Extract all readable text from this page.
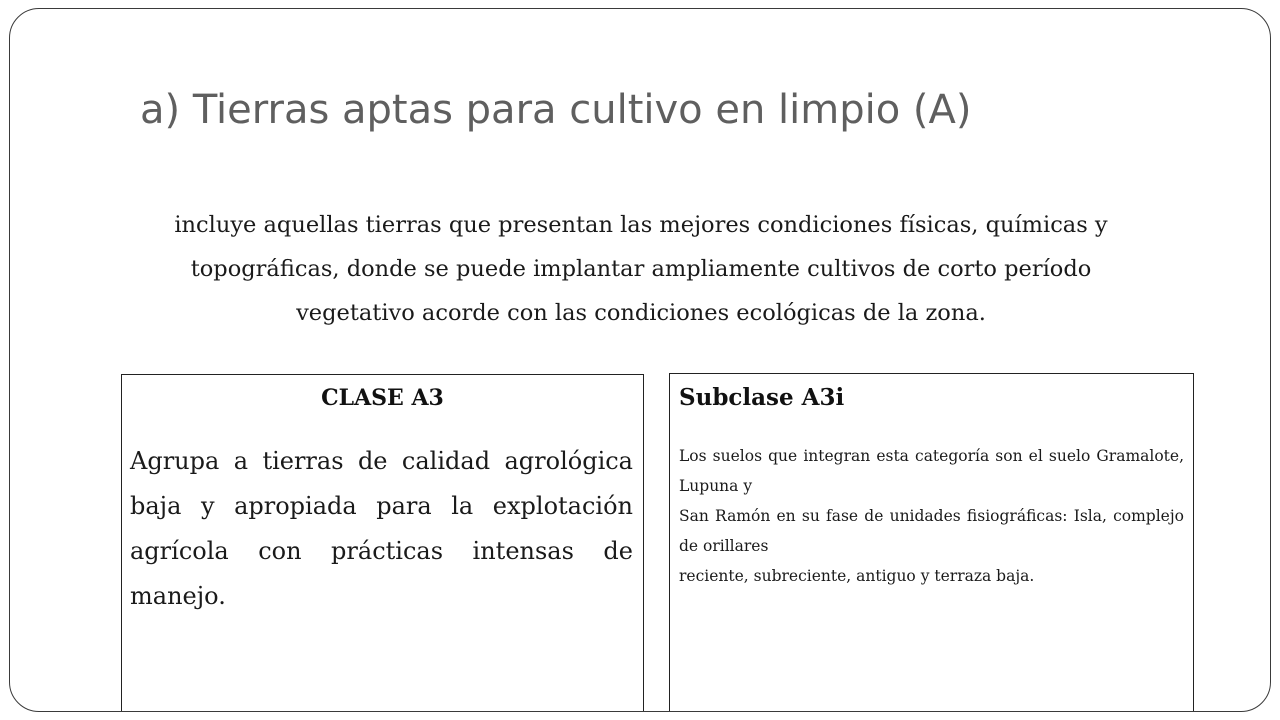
a) Tierras aptas para cultivo en limpio (A)

incluye aquellas tierras que presentan las mejores condiciones físicas, químicas y topográficas, donde se puede implantar ampliamente cultivos de corto período vegetativo acorde con las condiciones ecológicas de la zona.

CLASE A3
Agrupa a tierras de calidad agrológica baja y apropiada para la explotación agrícola con prácticas intensas de manejo.
Subclase A3i

Los suelos que integran esta categoría son el suelo Gramalote, Lupuna y

San Ramón en su fase de unidades fisiográficas: Isla, complejo de orillares

reciente, subreciente, antiguo y terraza baja.
